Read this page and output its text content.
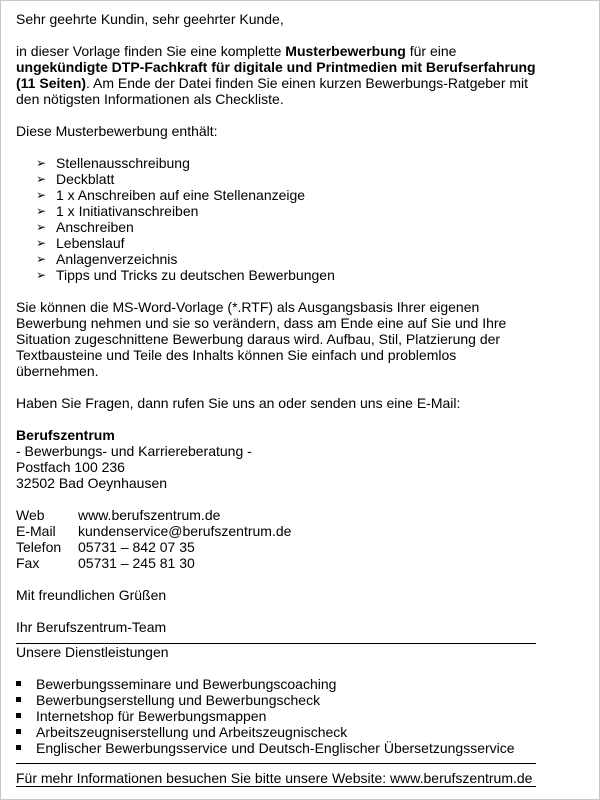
Sehr geehrte Kundin, sehr geehrter Kunde,

in dieser Vorlage finden Sie eine komplette Musterbewerbung für eine ungekündigte DTP-Fachkraft für digitale und Printmedien mit Berufserfahrung (11 Seiten). Am Ende der Datei finden Sie einen kurzen Bewerbungs-Ratgeber mit den nötigsten Informationen als Checkliste.

Diese Musterbewerbung enthält:

➢ Stellenausschreibung
➢ Deckblatt
➢ 1 x Anschreiben auf eine Stellenanzeige
➢ 1 x Initiativanschreiben
➢ Anschreiben
➢ Lebenslauf
➢ Anlagenverzeichnis
➢ Tipps und Tricks zu deutschen Bewerbungen

Sie können die MS-Word-Vorlage (*.RTF) als Ausgangsbasis Ihrer eigenen Bewerbung nehmen und sie so verändern, dass am Ende eine auf Sie und Ihre Situation zugeschnittene Bewerbung daraus wird. Aufbau, Stil, Platzierung der Textbausteine und Teile des Inhalts können Sie einfach und problemlos übernehmen.

Haben Sie Fragen, dann rufen Sie uns an oder senden uns eine E-Mail:

Berufszentrum

- Bewerbungs- und Karriereberatung -

Postfach 100 236

32502 Bad Oeynhausen

Web	www.berufszentrum.de
E-Mail	kundenservice@berufszentrum.de
Telefon	05731 – 842 07 35
Fax	05731 – 245 81 30

Mit freundlichen Grüßen

Ihr Berufszentrum-Team

Unsere Dienstleistungen

Bewerbungsseminare und Bewerbungscoaching
Bewerbungserstellung und Bewerbungscheck
Internetshop für Bewerbungsmappen
Arbeitszeugniserstellung und Arbeitszeugnischeck
Englischer Bewerbungsservice und Deutsch-Englischer Übersetzungsservice

Für mehr Informationen besuchen Sie bitte unsere Website: www.berufszentrum.de
